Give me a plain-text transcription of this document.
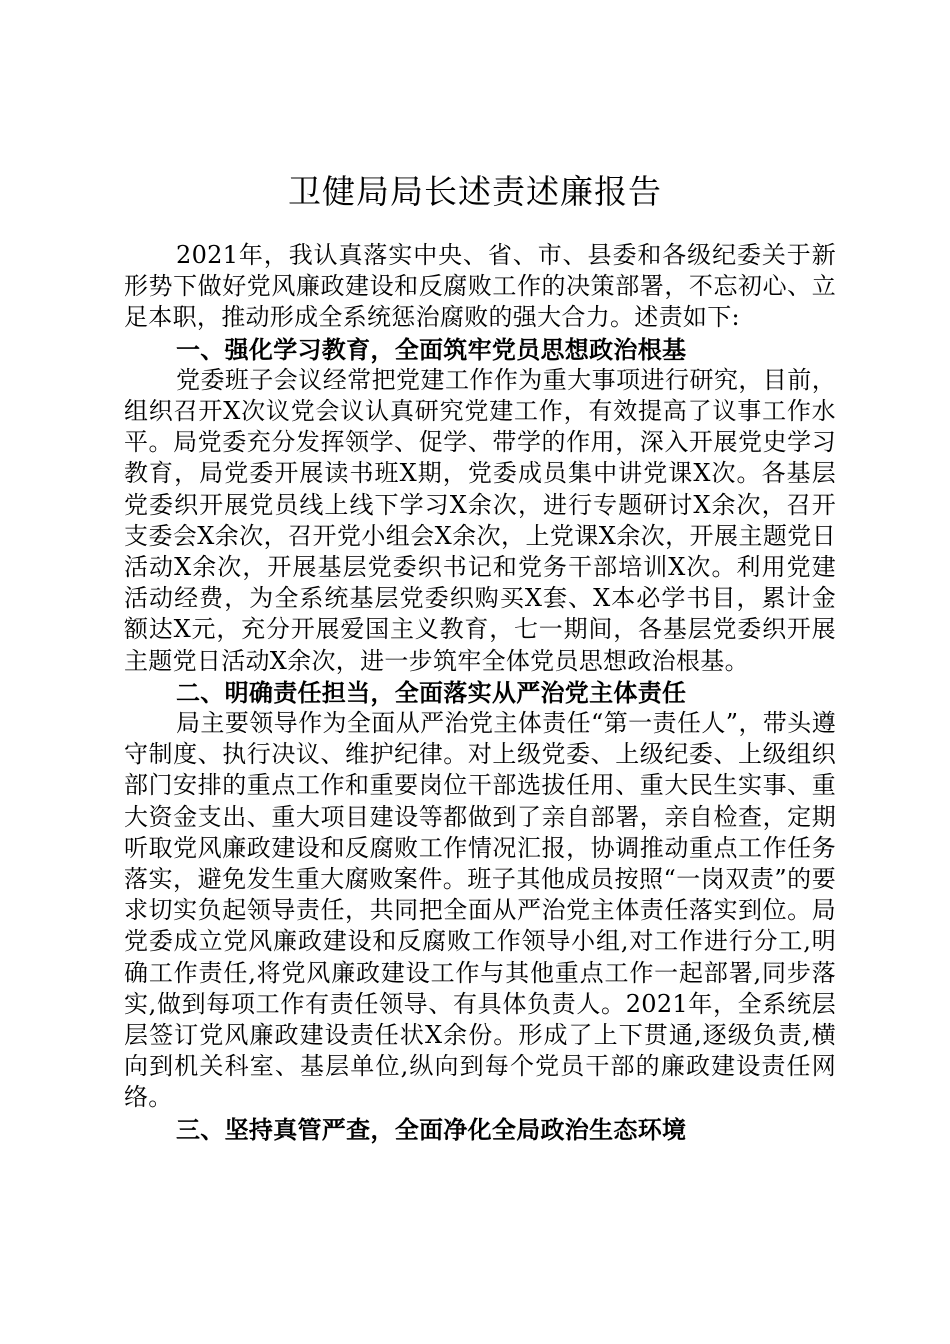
卫健局局长述责述廉报告

2021年，我认真落实中央、省、市、县委和各级纪委关于新形势下做好党风廉政建设和反腐败工作的决策部署，不忘初心、立足本职，推动形成全系统惩治腐败的强大合力。述责如下:

一、强化学习教育，全面筑牢党员思想政治根基

党委班子会议经常把党建工作作为重大事项进行研究，目前，组织召开X次议党会议认真研究党建工作，有效提高了议事工作水平。局党委充分发挥领学、促学、带学的作用，深入开展党史学习教育，局党委开展读书班X期，党委成员集中讲党课X次。各基层党委织开展党员线上线下学习X余次，进行专题研讨X余次，召开支委会X余次，召开党小组会X余次，上党课X余次，开展主题党日活动X余次，开展基层党委织书记和党务干部培训X次。利用党建活动经费，为全系统基层党委织购买X套、X本必学书目，累计金额达X元，充分开展爱国主义教育，七一期间，各基层党委织开展主题党日活动X余次，进一步筑牢全体党员思想政治根基。

二、明确责任担当，全面落实从严治党主体责任

局主要领导作为全面从严治党主体责任“第一责任人”，带头遵守制度、执行决议、维护纪律。对上级党委、上级纪委、上级组织部门安排的重点工作和重要岗位干部选拔任用、重大民生实事、重大资金支出、重大项目建设等都做到了亲自部署，亲自检查，定期听取党风廉政建设和反腐败工作情况汇报，协调推动重点工作任务落实，避免发生重大腐败案件。班子其他成员按照“一岗双责”的要求切实负起领导责任，共同把全面从严治党主体责任落实到位。局党委成立党风廉政建设和反腐败工作领导小组,对工作进行分工,明确工作责任,将党风廉政建设工作与其他重点工作一起部署,同步落实,做到每项工作有责任领导、有具体负责人。2021年，全系统层层签订党风廉政建设责任状X余份。形成了上下贯通,逐级负责,横向到机关科室、基层单位,纵向到每个党员干部的廉政建设责任网络。

三、坚持真管严查，全面净化全局政治生态环境
